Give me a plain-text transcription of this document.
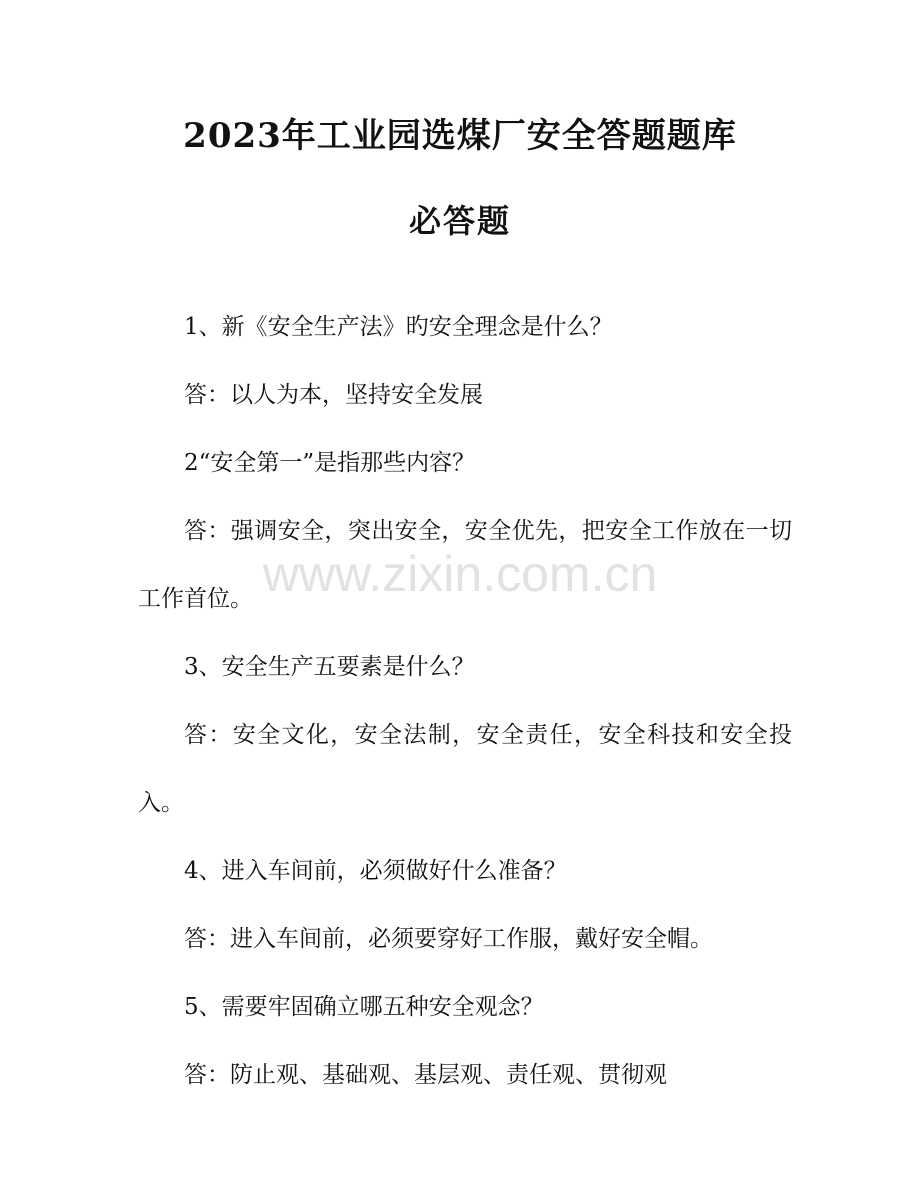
2023年工业园选煤厂安全答题题库
必答题

1、新《安全生产法》旳安全理念是什么？

答：以人为本，坚持安全发展

2“安全第一”是指那些内容？

答：强调安全，突出安全，安全优先，把安全工作放在一切工作首位。

3、安全生产五要素是什么？

答：安全文化，安全法制，安全责任，安全科技和安全投入。

4、进入车间前，必须做好什么准备？

答：进入车间前，必须要穿好工作服，戴好安全帽。

5、需要牢固确立哪五种安全观念？

答：防止观、基础观、基层观、责任观、贯彻观

www.zixin.com.cn
